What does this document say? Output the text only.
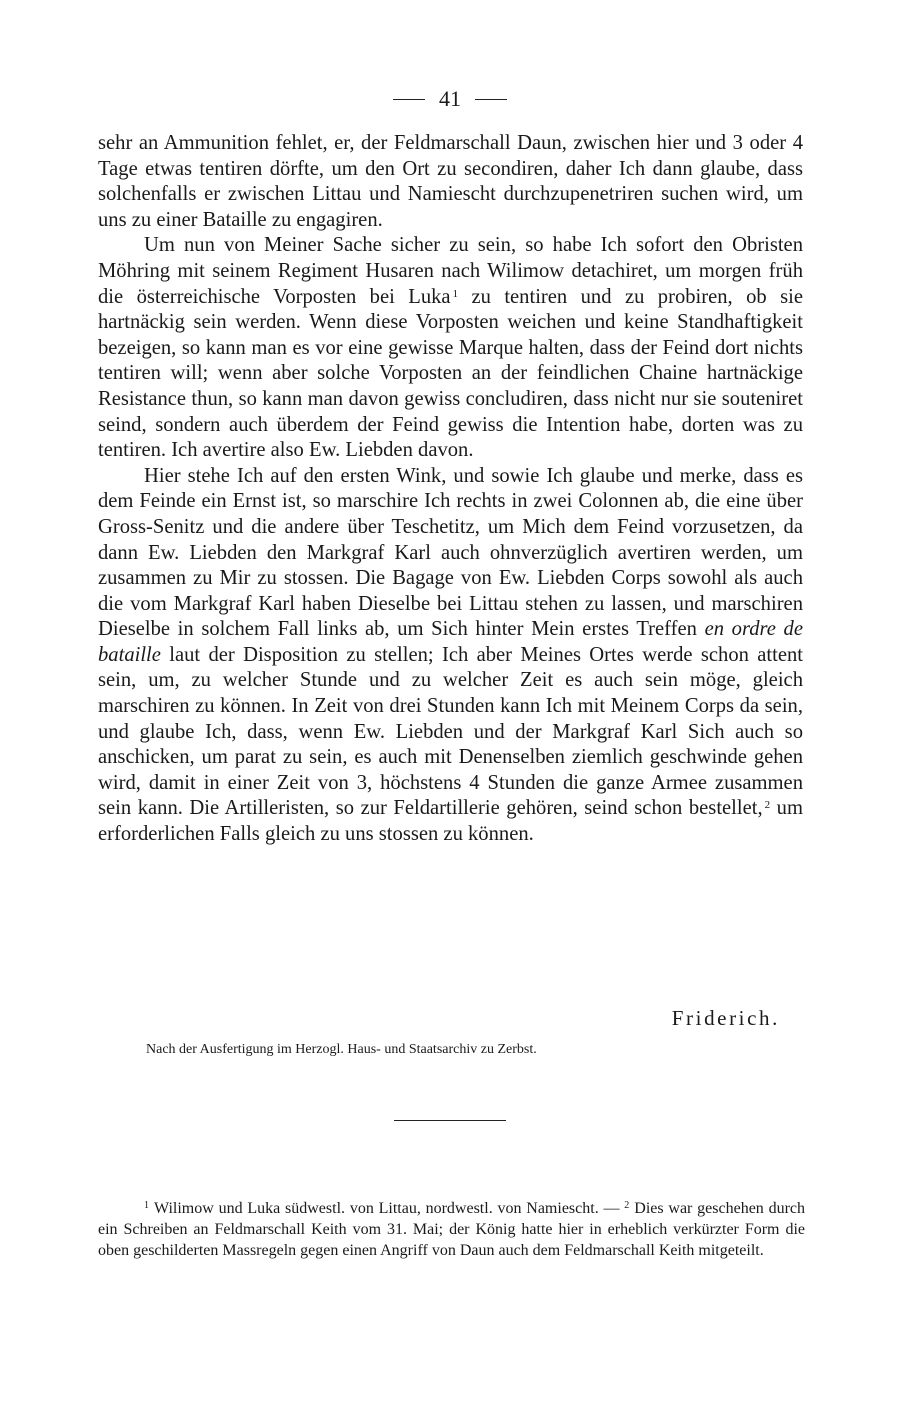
41

sehr an Ammunition fehlet, er, der Feldmarschall Daun, zwischen hier und 3 oder 4 Tage etwas tentiren dörfte, um den Ort zu secondiren, daher Ich dann glaube, dass solchenfalls er zwischen Littau und Namiescht durchzupenetriren suchen wird, um uns zu einer Bataille zu engagiren.

Um nun von Meiner Sache sicher zu sein, so habe Ich sofort den Obristen Möhring mit seinem Regiment Husaren nach Wilimow detachiret, um morgen früh die österreichische Vorposten bei Luka $^1$ zu tentiren und zu probiren, ob sie hartnäckig sein werden. Wenn diese Vorposten weichen und keine Standhaftigkeit bezeigen, so kann man es vor eine gewisse Marque halten, dass der Feind dort nichts tentiren will; wenn aber solche Vorposten an der feindlichen Chaine hartnäckige Resistance thun, so kann man davon gewiss concludiren, dass nicht nur sie souteniret seind, sondern auch überdem der Feind gewiss die Intention habe, dorten was zu tentiren. Ich avertire also Ew. Liebden davon.

Hier stehe Ich auf den ersten Wink, und sowie Ich glaube und merke, dass es dem Feinde ein Ernst ist, so marschire Ich rechts in zwei Colonnen ab, die eine über Gross-Senitz und die andere über Teschetitz, um Mich dem Feind vorzusetzen, da dann Ew. Liebden den Markgraf Karl auch ohnverzüglich avertiren werden, um zusammen zu Mir zu stossen. Die Bagage von Ew. Liebden Corps sowohl als auch die vom Markgraf Karl haben Dieselbe bei Littau stehen zu lassen, und marschiren Dieselbe in solchem Fall links ab, um Sich hinter Mein erstes Treffen en ordre de bataille laut der Disposition zu stellen; Ich aber Meines Ortes werde schon attent sein, um, zu welcher Stunde und zu welcher Zeit es auch sein möge, gleich marschiren zu können. In Zeit von drei Stunden kann Ich mit Meinem Corps da sein, und glaube Ich, dass, wenn Ew. Liebden und der Markgraf Karl Sich auch so anschicken, um parat zu sein, es auch mit Denenselben ziemlich geschwinde gehen wird, damit in einer Zeit von 3, höchstens 4 Stunden die ganze Armee zusammen sein kann. Die Artilleristen, so zur Feldartillerie gehören, seind schon bestellet, $^2$ um erforderlichen Falls gleich zu uns stossen zu können.

Friderich.
Nach der Ausfertigung im Herzogl. Haus- und Staatsarchiv zu Zerbst.

$^1$ Wilimow und Luka südwestl. von Littau, nordwestl. von Namiescht. — $^2$ Dies war geschehen durch ein Schreiben an Feldmarschall Keith vom 31. Mai; der König hatte hier in erheblich verkürzter Form die oben geschilderten Massregeln gegen einen Angriff von Daun auch dem Feldmarschall Keith mitgeteilt.
